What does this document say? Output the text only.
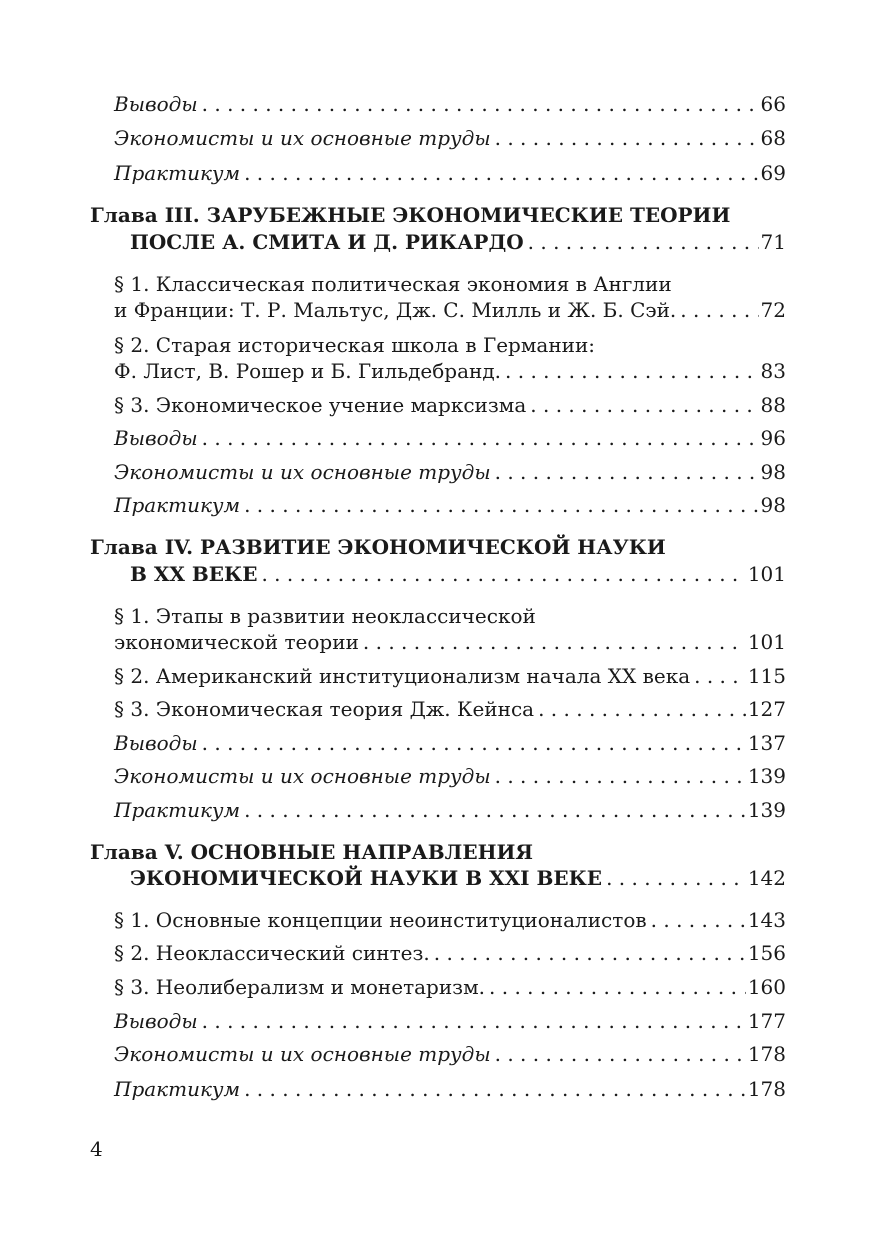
Выводы . . .	66
Экономисты и их основные труды . . .	68
Практикум . . .	69
Глава III. ЗАРУБЕЖНЫЕ ЭКОНОМИЧЕСКИЕ ТЕОРИИ
ПОСЛЕ А. СМИТА И Д. РИКАРДО . . .	71
§ 1. Классическая политическая экономия в Англии
и Франции: Т. Р. Мальтус, Дж. С. Милль и Ж. Б. Сэй. . . .	72
§ 2. Старая историческая школа в Германии:
Ф. Лист, В. Рошер и Б. Гильдебранд. . . .	83
§ 3. Экономическое учение марксизма . . .	88
Выводы . . .	96
Экономисты и их основные труды . . .	98
Практикум . . .	98
Глава IV. РАЗВИТИЕ ЭКОНОМИЧЕСКОЙ НАУКИ
В XX ВЕКЕ . . .	101
§ 1. Этапы в развитии неоклассической
экономической теории . . .	101
§ 2. Американский институционализм начала XX века . . .	115
§ 3. Экономическая теория Дж. Кейнса . . .	127
Выводы . . .	137
Экономисты и их основные труды . . .	139
Практикум . . .	139
Глава V. ОСНОВНЫЕ НАПРАВЛЕНИЯ
ЭКОНОМИЧЕСКОЙ НАУКИ В XXI ВЕКЕ . . .	142
§ 1. Основные концепции неоинституционалистов . . .	143
§ 2. Неоклассический синтез. . . .	156
§ 3. Неолиберализм и монетаризм. . . .	160
Выводы . . .	177
Экономисты и их основные труды . . .	178
Практикум . . .	178
4
